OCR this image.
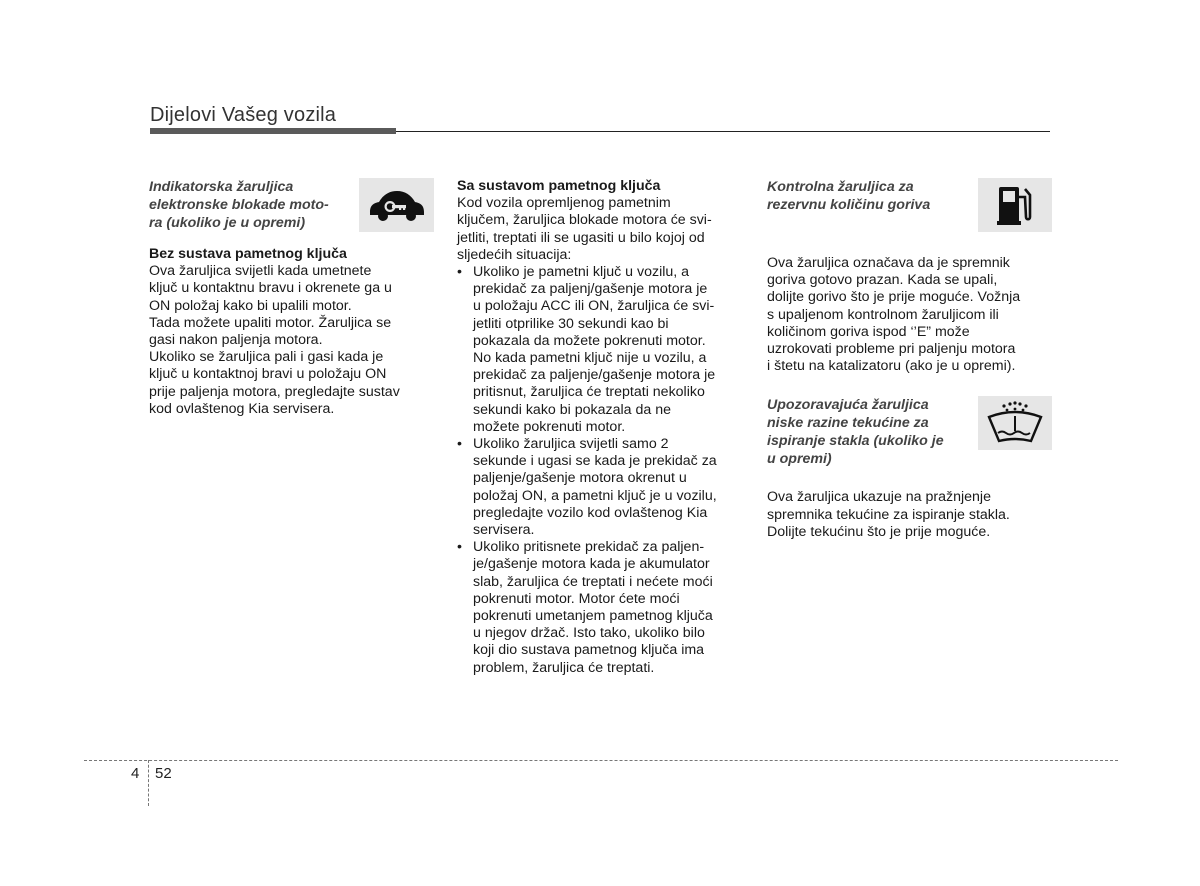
Dijelovi Vašeg vozila
Indikatorska žaruljica
elektronske blokade moto-
ra (ukoliko je u opremi)

Bez sustava pametnog ključa

Ova žaruljica svijetli kada umetnete
ključ u kontaktnu bravu i okrenete ga u
ON položaj kako bi upalili motor.

Tada možete upaliti motor. Žaruljica se
gasi nakon paljenja motora.

Ukoliko se žaruljica pali i gasi kada je
ključ u kontaktnoj bravi u položaju ON
prije paljenja motora, pregledajte sustav
kod ovlaštenog Kia servisera.

Sa sustavom pametnog ključa

Kod vozila opremljenog pametnim
ključem, žaruljica blokade motora će svi-
jetliti, treptati ili se ugasiti u bilo kojoj od
sljedećih situacija:

• Ukoliko je pametni ključ u vozilu, a
prekidač za paljenj/gašenje motora je
u položaju ACC ili ON, žaruljica će svi-
jetliti otprilike 30 sekundi kao bi
pokazala da možete pokrenuti motor.
No kada pametni ključ nije u vozilu, a
prekidač za paljenje/gašenje motora je
pritisnut, žaruljica će treptati nekoliko
sekundi kako bi pokazala da ne
možete pokrenuti motor.
• Ukoliko žaruljica svijetli samo 2
sekunde i ugasi se kada je prekidač za
paljenje/gašenje motora okrenut u
položaj ON, a pametni ključ je u vozilu,
pregledajte vozilo kod ovlaštenog Kia
servisera.
• Ukoliko pritisnete prekidač za paljen-
je/gašenje motora kada je akumulator
slab, žaruljica će treptati i nećete moći
pokrenuti motor. Motor ćete moći
pokrenuti umetanjem pametnog ključa
u njegov držač. Isto tako, ukoliko bilo
koji dio sustava pametnog ključa ima
problem, žaruljica će treptati.
Kontrolna žaruljica za
rezervnu količinu goriva

Ova žaruljica označava da je spremnik
goriva gotovo prazan. Kada se upali,
dolijte gorivo što je prije moguće. Vožnja
s upaljenom kontrolnom žaruljicom ili
količinom goriva ispod ‘’E” može
uzrokovati probleme pri paljenju motora
i štetu na katalizatoru (ako je u opremi).

Upozoravajuća žaruljica
niske razine tekućine za
ispiranje stakla (ukoliko je
u opremi)

Ova žaruljica ukazuje na pražnjenje
spremnika tekućine za ispiranje stakla.
Dolijte tekućinu što je prije moguće.

4 52
